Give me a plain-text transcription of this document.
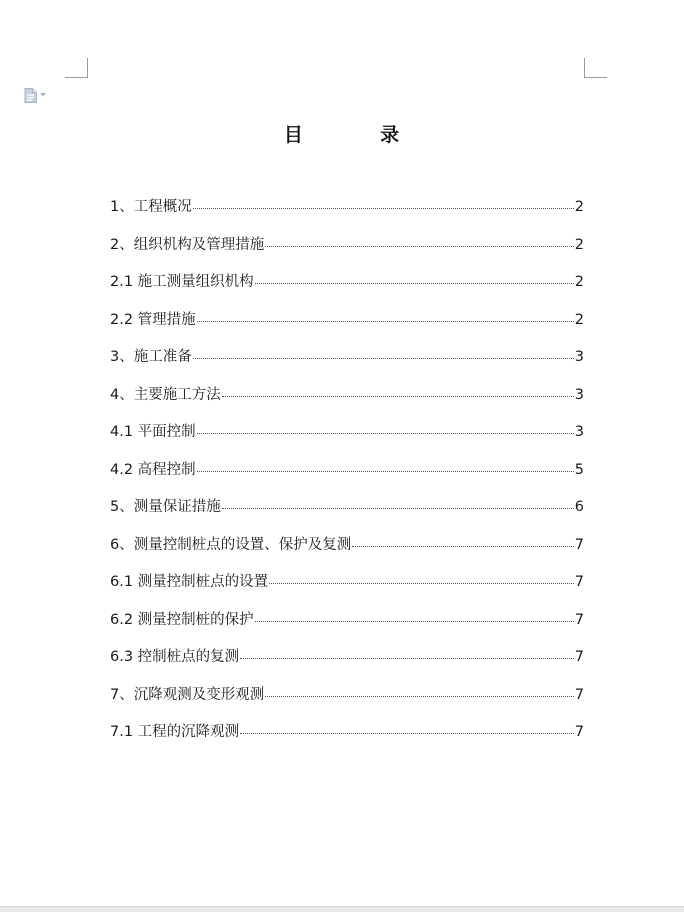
目          录
1、工程概况	2
2、组织机构及管理措施	2
2.1 施工测量组织机构	2
2.2 管理措施	2
3、施工准备	3
4、主要施工方法	3
4.1 平面控制	3
4.2 高程控制	5
5、测量保证措施	6
6、测量控制桩点的设置、保护及复测	7
6.1 测量控制桩点的设置	7
6.2 测量控制桩的保护	7
6.3 控制桩点的复测	7
7、沉降观测及变形观测	7
7.1 工程的沉降观测	7
